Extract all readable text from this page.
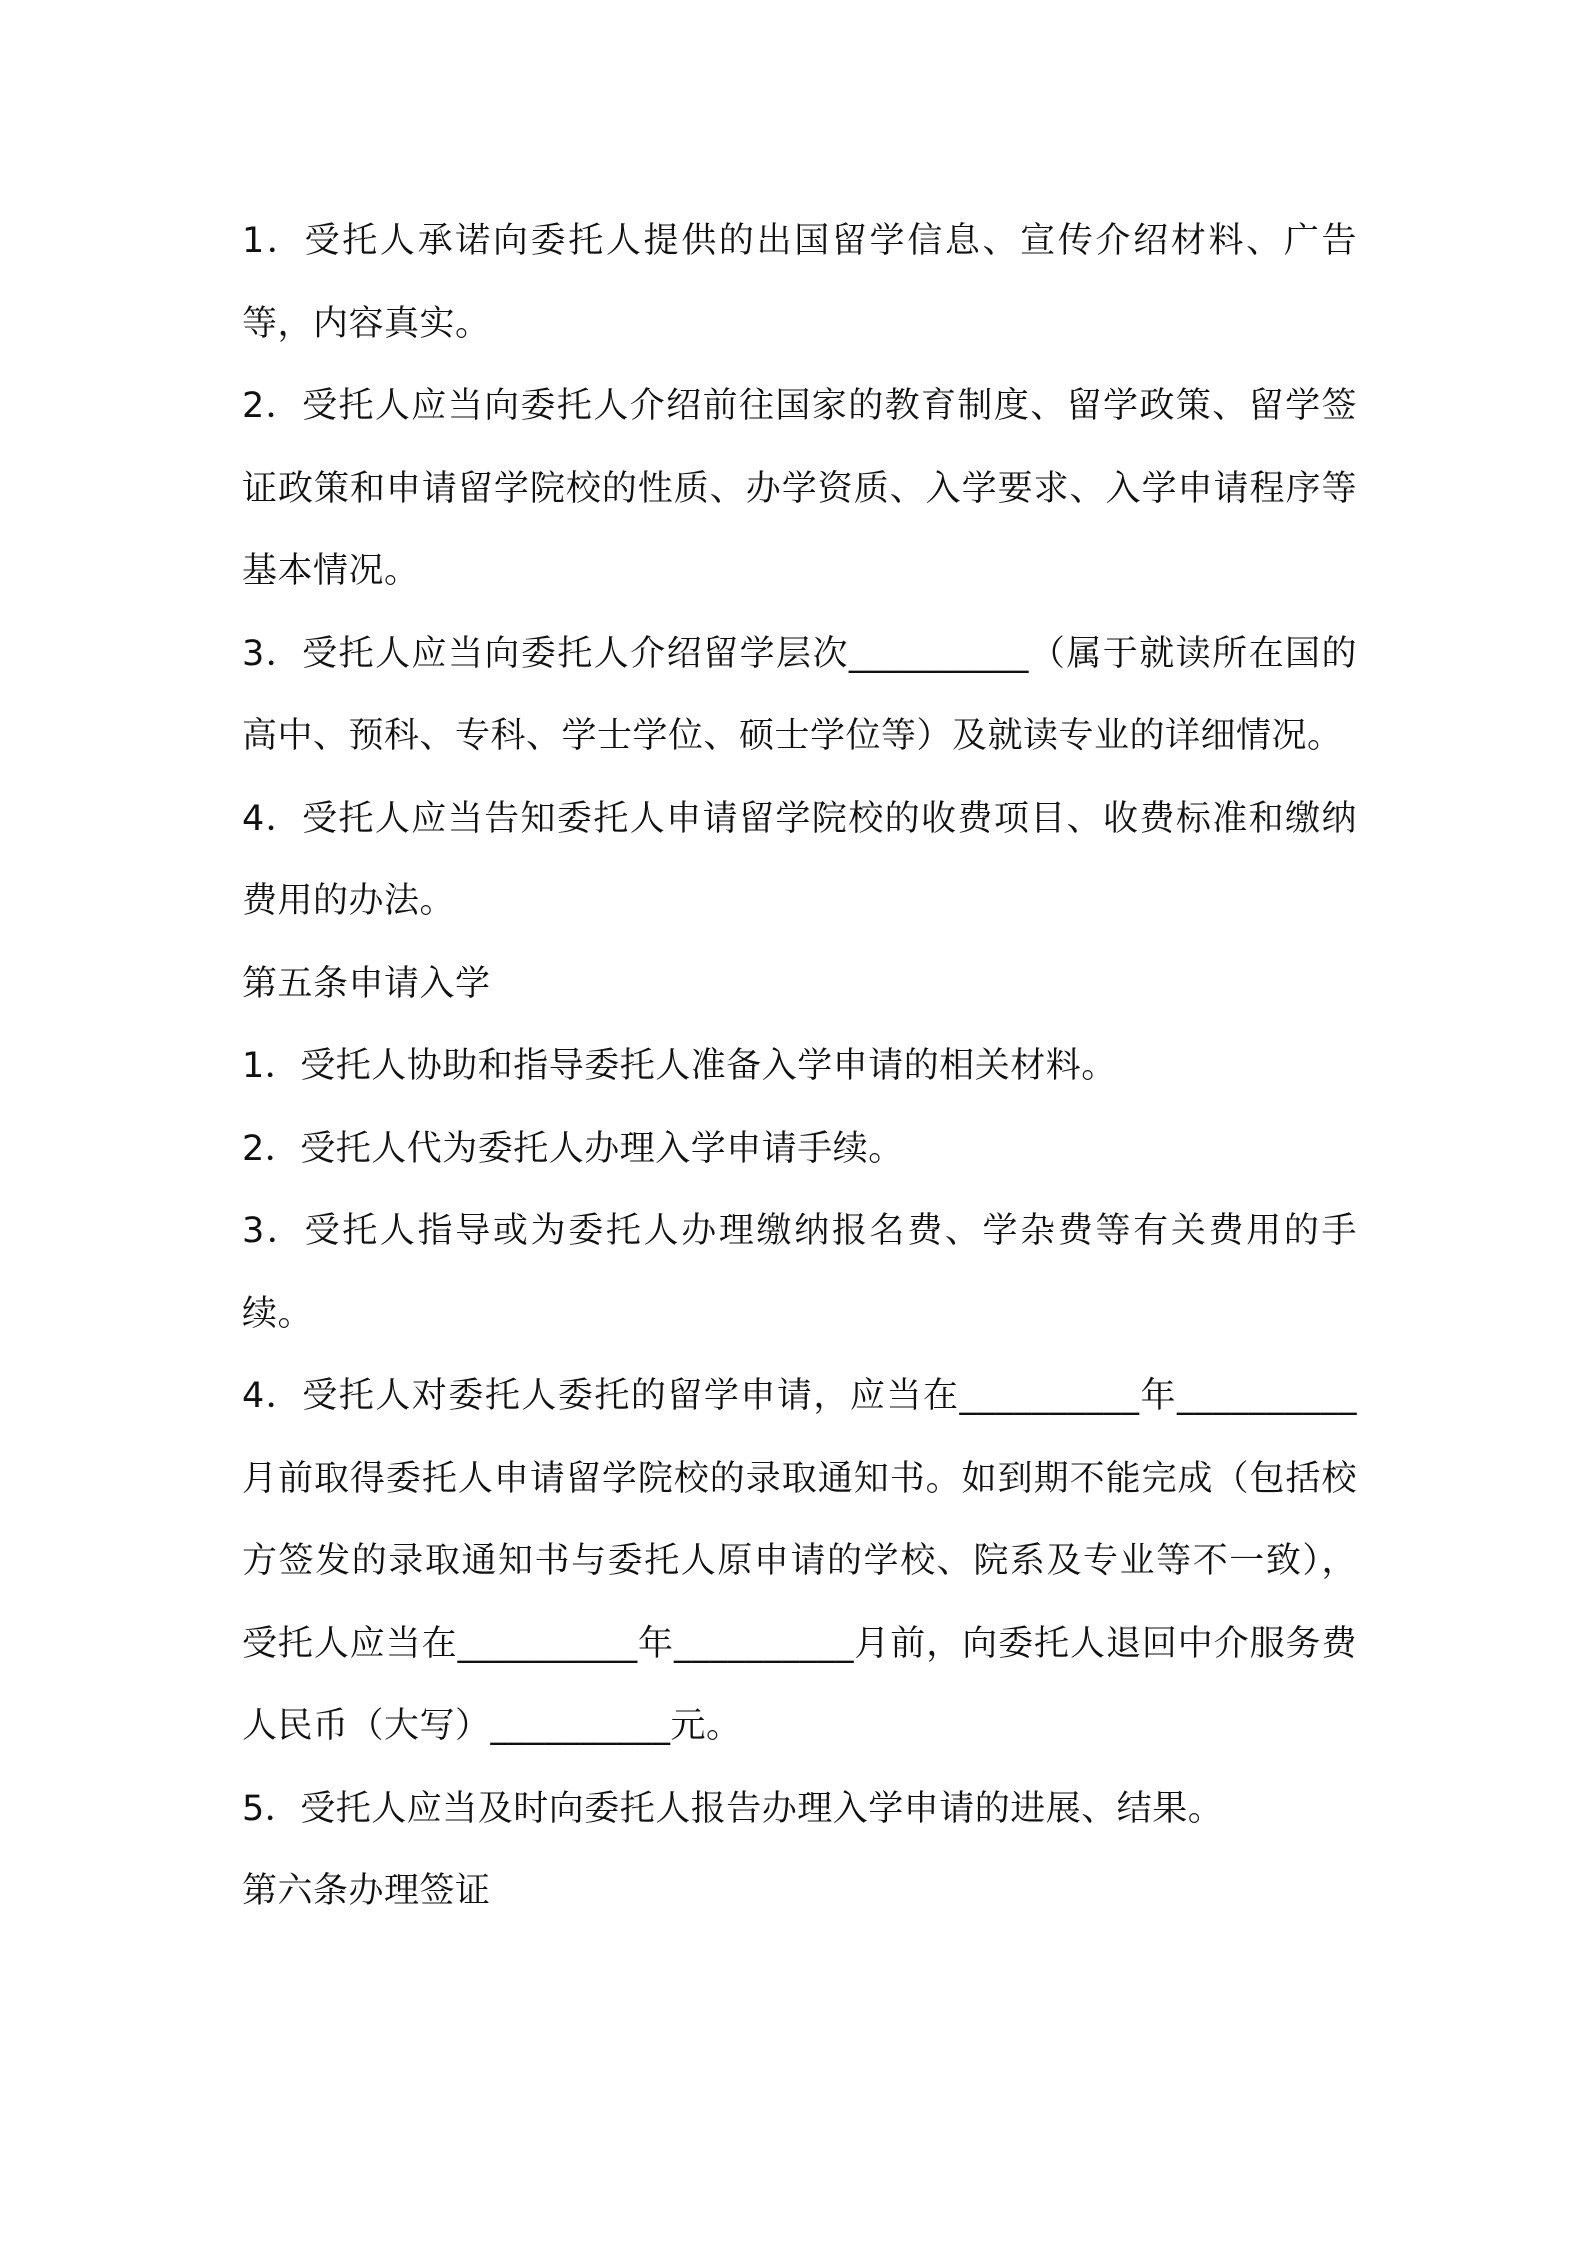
1．受托人承诺向委托人提供的出国留学信息、宣传介绍材料、广告等，内容真实。

2．受托人应当向委托人介绍前往国家的教育制度、留学政策、留学签证政策和申请留学院校的性质、办学资质、入学要求、入学申请程序等基本情况。

3．受托人应当向委托人介绍留学层次__________（属于就读所在国的高中、预科、专科、学士学位、硕士学位等）及就读专业的详细情况。

4．受托人应当告知委托人申请留学院校的收费项目、收费标准和缴纳费用的办法。

第五条申请入学

1．受托人协助和指导委托人准备入学申请的相关材料。

2．受托人代为委托人办理入学申请手续。

3．受托人指导或为委托人办理缴纳报名费、学杂费等有关费用的手续。

4．受托人对委托人委托的留学申请，应当在__________年__________月前取得委托人申请留学院校的录取通知书。如到期不能完成（包括校方签发的录取通知书与委托人原申请的学校、院系及专业等不一致），受托人应当在__________年__________月前，向委托人退回中介服务费人民币（大写）__________元。

5．受托人应当及时向委托人报告办理入学申请的进展、结果。

第六条办理签证
